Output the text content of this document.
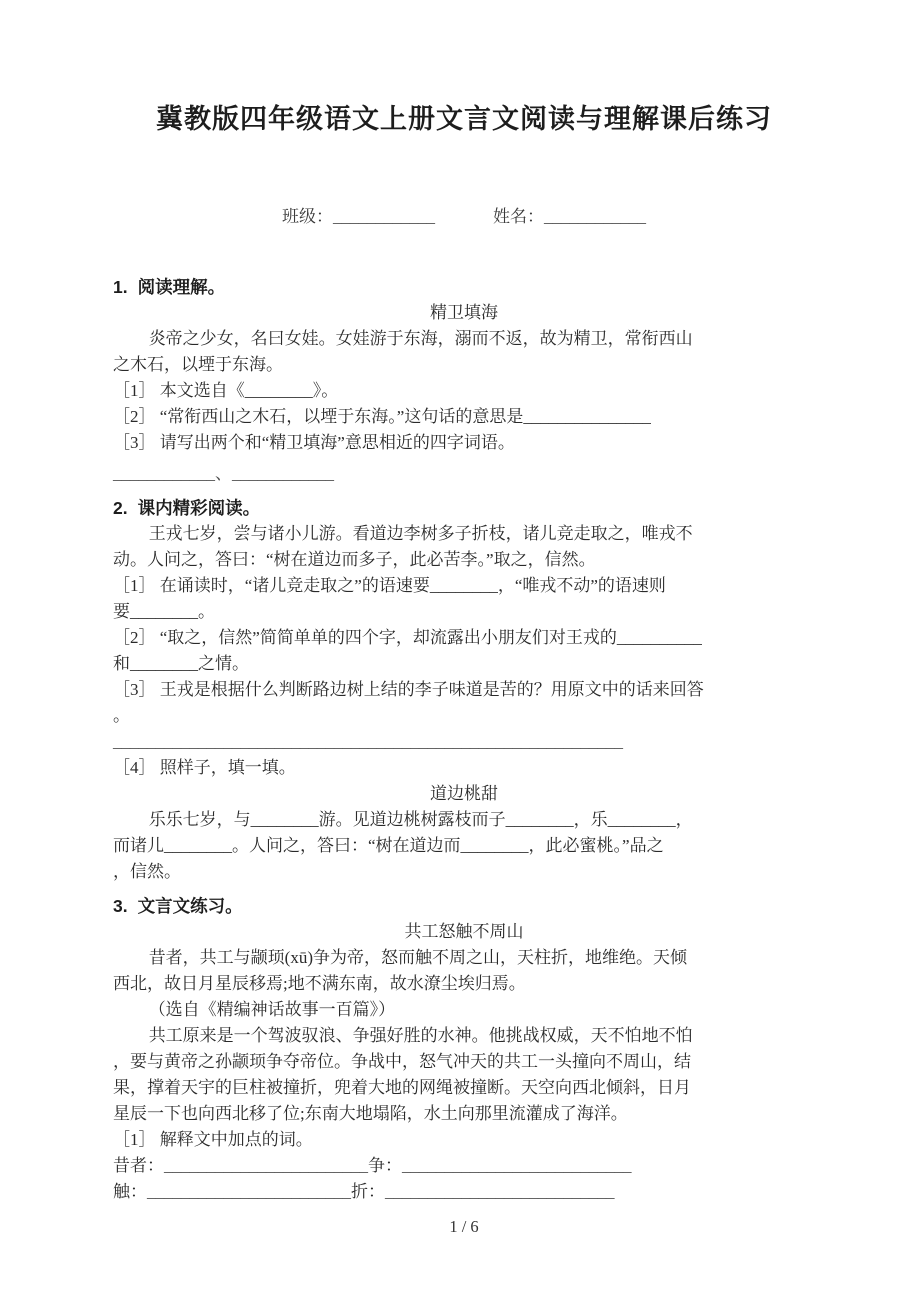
冀教版四年级语文上册文言文阅读与理解课后练习
班级：____________	姓名：____________
1. 阅读理解。
精卫填海
炎帝之少女，名曰女娃。女娃游于东海，溺而不返，故为精卫，常衔西山
之木石，以堙于东海。
［1］ 本文选自《________》。
［2］ “常衔西山之木石，以堙于东海。”这句话的意思是_______________
［3］ 请写出两个和“精卫填海”意思相近的四字词语。
____________、____________
2. 课内精彩阅读。
王戎七岁，尝与诸小儿游。看道边李树多子折枝，诸儿竞走取之，唯戎不
动。人问之，答曰：“树在道边而多子，此必苦李。”取之，信然。
［1］ 在诵读时，“诸儿竞走取之”的语速要________，“唯戎不动”的语速则
要________。
［2］ “取之，信然”简简单单的四个字，却流露出小朋友们对王戎的__________
和________之情。
［3］ 王戎是根据什么判断路边树上结的李子味道是苦的？用原文中的话来回答
。
____________________________________________________________
［4］ 照样子，填一填。
道边桃甜
乐乐七岁，与________游。见道边桃树露枝而子________，乐________，
而诸儿________。人问之，答曰：“树在道边而________，此必蜜桃。”品之
，信然。
3. 文言文练习。
共工怒触不周山
昔者，共工与颛顼(xū)争为帝，怒而触不周之山，天柱折，地维绝。天倾
西北，故日月星辰移焉;地不满东南，故水潦尘埃归焉。
（选自《精编神话故事一百篇》）
共工原来是一个驾波驭浪、争强好胜的水神。他挑战权威，天不怕地不怕
，要与黄帝之孙颛顼争夺帝位。争战中，怒气冲天的共工一头撞向不周山，结
果，撑着天宇的巨柱被撞折，兜着大地的网绳被撞断。天空向西北倾斜，日月
星辰一下也向西北移了位;东南大地塌陷，水土向那里流灌成了海洋。
［1］ 解释文中加点的词。
昔者：________________________争：___________________________
触：________________________折：___________________________
1 / 6
